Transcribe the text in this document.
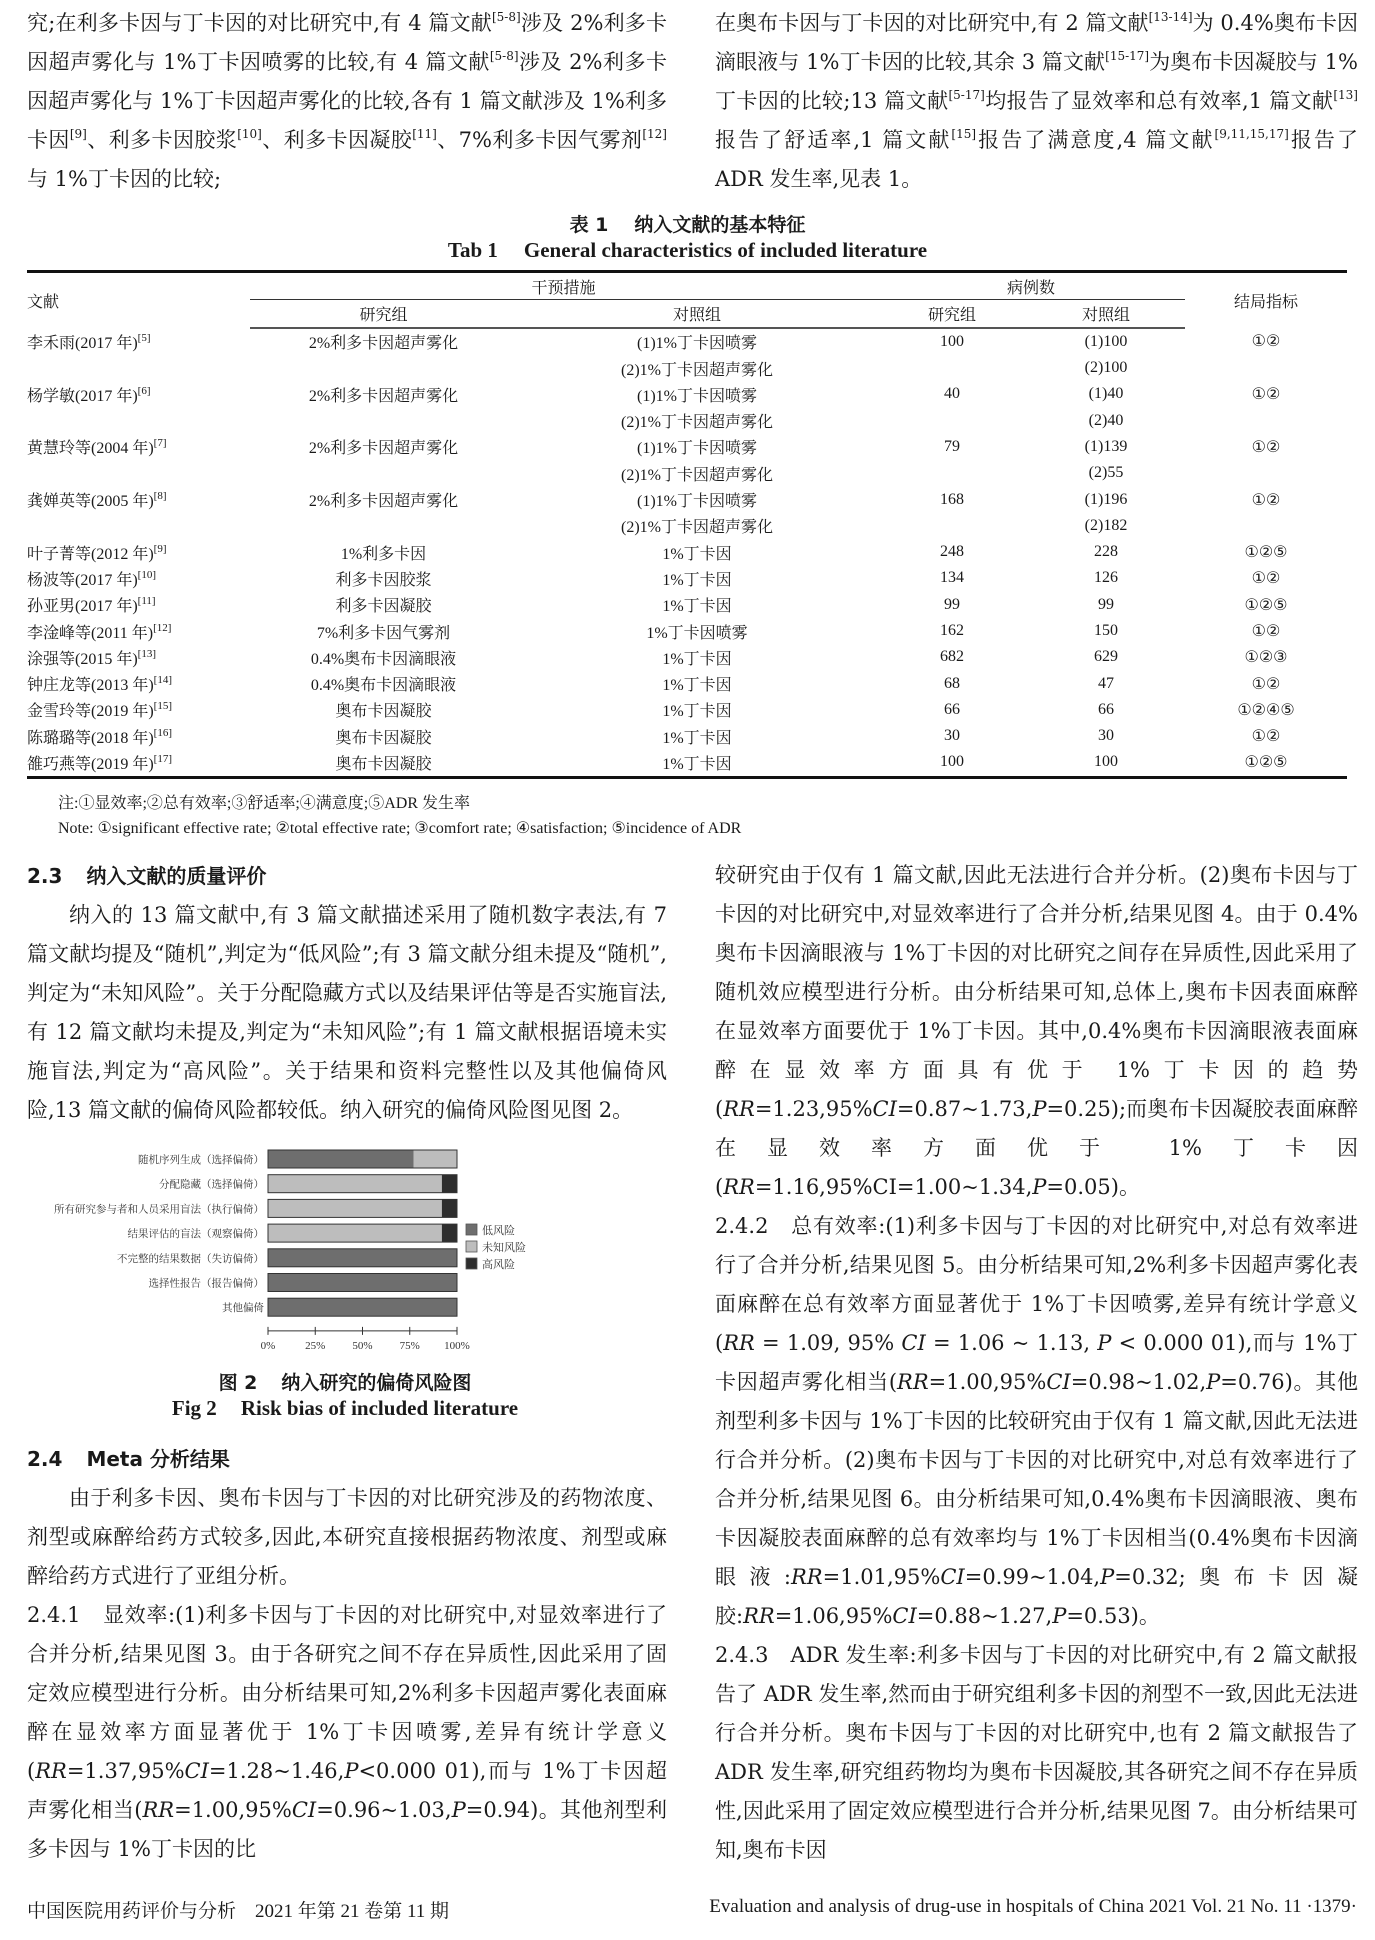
究;在利多卡因与丁卡因的对比研究中,有 4 篇文献[5-8]涉及 2%利多卡因超声雾化与 1%丁卡因喷雾的比较,有 4 篇文献[5-8]涉及 2%利多卡因超声雾化与 1%丁卡因超声雾化的比较,各有 1 篇文献涉及 1%利多卡因[9]、利多卡因胶浆[10]、利多卡因凝胶[11]、7%利多卡因气雾剂[12]与 1%丁卡因的比较;

在奥布卡因与丁卡因的对比研究中,有 2 篇文献[13-14]为 0.4%奥布卡因滴眼液与 1%丁卡因的比较,其余 3 篇文献[15-17]为奥布卡因凝胶与 1%丁卡因的比较;13 篇文献[5-17]均报告了显效率和总有效率,1 篇文献[13]报告了舒适率,1 篇文献[15]报告了满意度,4 篇文献[9,11,15,17]报告了 ADR 发生率,见表 1。

表 1 纳入文献的基本特征
Tab 1 General characteristics of included literature
文献	干预措施		病例数		结局指标
	研究组	对照组	研究组	对照组	
李禾雨(2017 年)[5]	2%利多卡因超声雾化	(1)1%丁卡因喷雾	100	(1)100	①②
		(2)1%丁卡因超声雾化		(2)100	
杨学敏(2017 年)[6]	2%利多卡因超声雾化	(1)1%丁卡因喷雾	40	(1)40	①②
		(2)1%丁卡因超声雾化		(2)40	
黄慧玲等(2004 年)[7]	2%利多卡因超声雾化	(1)1%丁卡因喷雾	79	(1)139	①②
		(2)1%丁卡因超声雾化		(2)55	
龚婵英等(2005 年)[8]	2%利多卡因超声雾化	(1)1%丁卡因喷雾	168	(1)196	①②
		(2)1%丁卡因超声雾化		(2)182	
叶子菁等(2012 年)[9]	1%利多卡因	1%丁卡因	248	228	①②⑤
杨波等(2017 年)[10]	利多卡因胶浆	1%丁卡因	134	126	①②
孙亚男(2017 年)[11]	利多卡因凝胶	1%丁卡因	99	99	①②⑤
李淦峰等(2011 年)[12]	7%利多卡因气雾剂	1%丁卡因喷雾	162	150	①②
涂强等(2015 年)[13]	0.4%奥布卡因滴眼液	1%丁卡因	682	629	①②③
钟庄龙等(2013 年)[14]	0.4%奥布卡因滴眼液	1%丁卡因	68	47	①②
金雪玲等(2019 年)[15]	奥布卡因凝胶	1%丁卡因	66	66	①②④⑤
陈璐璐等(2018 年)[16]	奥布卡因凝胶	1%丁卡因	30	30	①②
雒巧燕等(2019 年)[17]	奥布卡因凝胶	1%丁卡因	100	100	①②⑤
注:①显效率;②总有效率;③舒适率;④满意度;⑤ADR 发生率
Note: ①significant effective rate; ②total effective rate; ③comfort rate; ④satisfaction; ⑤incidence of ADR

2.3 纳入文献的质量评价

纳入的 13 篇文献中,有 3 篇文献描述采用了随机数字表法,有 7 篇文献均提及“随机”,判定为“低风险”;有 3 篇文献分组未提及“随机”,判定为“未知风险”。关于分配隐藏方式以及结果评估等是否实施盲法,有 12 篇文献均未提及,判定为“未知风险”;有 1 篇文献根据语境未实施盲法,判定为“高风险”。关于结果和资料完整性以及其他偏倚风险,13 篇文献的偏倚风险都较低。纳入研究的偏倚风险图见图 2。

随机序列生成（选择偏倚）
分配隐藏（选择偏倚）
所有研究参与者和人员采用盲法（执行偏倚）
结果评估的盲法（观察偏倚）
不完整的结果数据（失访偏倚）
选择性报告（报告偏倚）
其他偏倚
0%	25% 50% 75% 100%
低风险
未知风险
高风险
图 2 纳入研究的偏倚风险图
Fig 2 Risk bias of included literature

2.4 Meta 分析结果

由于利多卡因、奥布卡因与丁卡因的对比研究涉及的药物浓度、剂型或麻醉给药方式较多,因此,本研究直接根据药物浓度、剂型或麻醉给药方式进行了亚组分析。

2.4.1 显效率:(1)利多卡因与丁卡因的对比研究中,对显效率进行了合并分析,结果见图 3。由于各研究之间不存在异质性,因此采用了固定效应模型进行分析。由分析结果可知,2%利多卡因超声雾化表面麻醉在显效率方面显著优于 1%丁卡因喷雾,差异有统计学意义(RR=1.37,95%CI=1.28~1.46,P<0.000 01),而与 1%丁卡因超声雾化相当(RR=1.00,95%CI=0.96~1.03,P=0.94)。其他剂型利多卡因与 1%丁卡因的比

较研究由于仅有 1 篇文献,因此无法进行合并分析。(2)奥布卡因与丁卡因的对比研究中,对显效率进行了合并分析,结果见图 4。由于 0.4%奥布卡因滴眼液与 1%丁卡因的对比研究之间存在异质性,因此采用了随机效应模型进行分析。由分析结果可知,总体上,奥布卡因表面麻醉在显效率方面要优于 1%丁卡因。其中,0.4%奥布卡因滴眼液表面麻醉在显效率方面具有优于 1%丁卡因的趋势(RR=1.23,95%CI=0.87~1.73,P=0.25);而奥布卡因凝胶表面麻醉在显效率方面优于 1%丁卡因(RR=1.16,95%CI=1.00~1.34,P=0.05)。

2.4.2 总有效率:(1)利多卡因与丁卡因的对比研究中,对总有效率进行了合并分析,结果见图 5。由分析结果可知,2%利多卡因超声雾化表面麻醉在总有效率方面显著优于 1%丁卡因喷雾,差异有统计学意义(RR = 1.09, 95% CI = 1.06 ~ 1.13, P < 0.000 01),而与 1%丁卡因超声雾化相当(RR=1.00,95%CI=0.98~1.02,P=0.76)。其他剂型利多卡因与 1%丁卡因的比较研究由于仅有 1 篇文献,因此无法进行合并分析。(2)奥布卡因与丁卡因的对比研究中,对总有效率进行了合并分析,结果见图 6。由分析结果可知,0.4%奥布卡因滴眼液、奥布卡因凝胶表面麻醉的总有效率均与 1%丁卡因相当(0.4%奥布卡因滴眼液:RR=1.01,95%CI=0.99~1.04,P=0.32;奥布卡因凝胶:RR=1.06,95%CI=0.88~1.27,P=0.53)。

2.4.3 ADR 发生率:利多卡因与丁卡因的对比研究中,有 2 篇文献报告了 ADR 发生率,然而由于研究组利多卡因的剂型不一致,因此无法进行合并分析。奥布卡因与丁卡因的对比研究中,也有 2 篇文献报告了 ADR 发生率,研究组药物均为奥布卡因凝胶,其各研究之间不存在异质性,因此采用了固定效应模型进行合并分析,结果见图 7。由分析结果可知,奥布卡因

中国医院用药评价与分析　2021 年第 21 卷第 11 期	Evaluation and analysis of drug-use in hospitals of China 2021 Vol. 21 No. 11 ·1379·
